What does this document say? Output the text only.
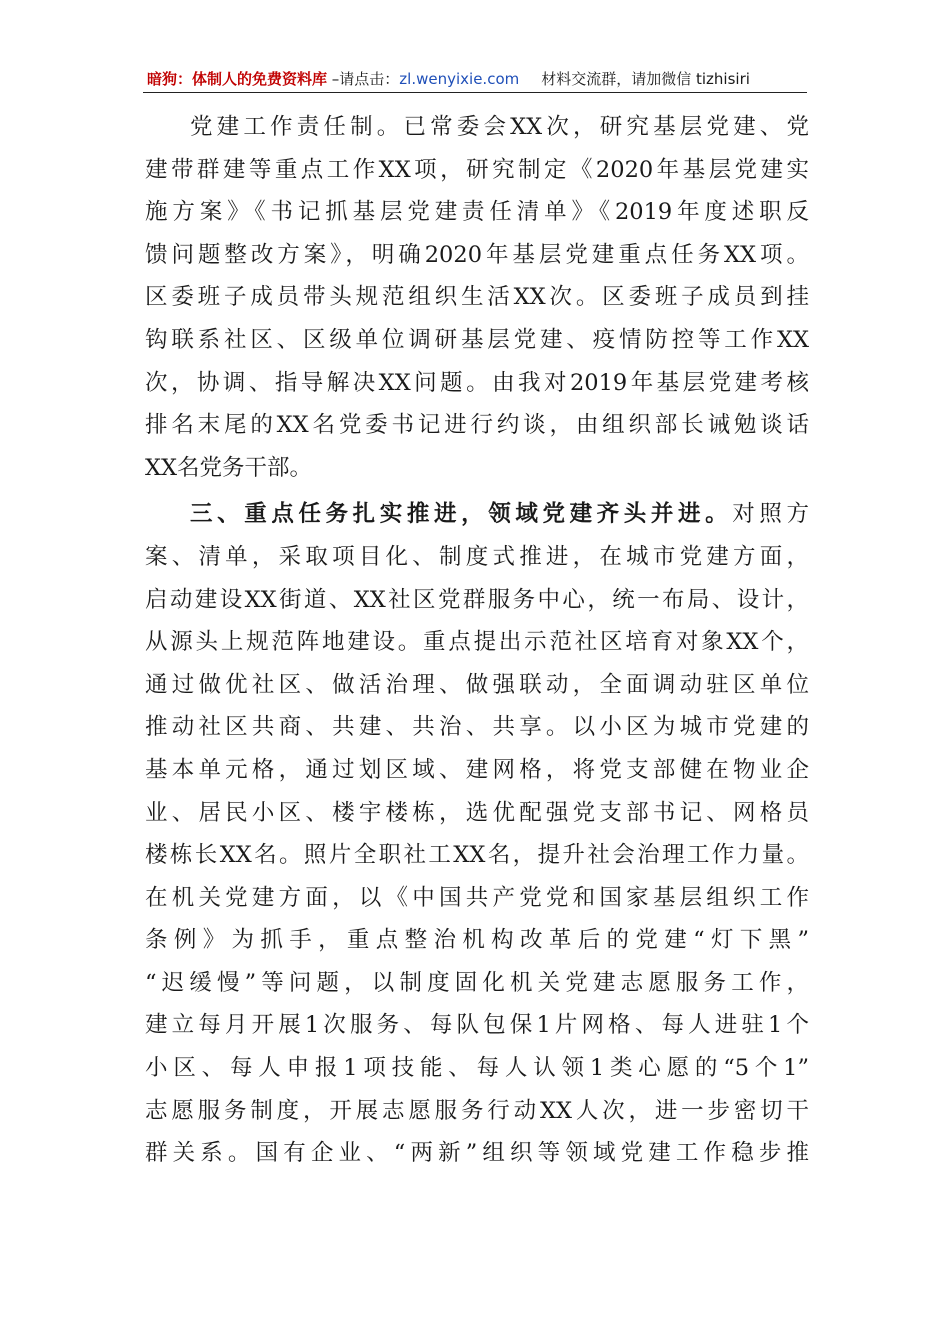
暗狗：体制人的免费资料库 –请点击：zl.wenyixie.com 材料交流群，请加微信 tizhisiri
党建工作责任制。已常委会XX次，研究基层党建、党
建带群建等重点工作XX项，研究制定《2020年基层党建实
施方案》《书记抓基层党建责任清单》《2019年度述职反
馈问题整改方案》，明确2020年基层党建重点任务XX项。
区委班子成员带头规范组织生活XX次。区委班子成员到挂
钩联系社区、区级单位调研基层党建、疫情防控等工作XX
次，协调、指导解决XX问题。由我对2019年基层党建考核
排名末尾的XX名党委书记进行约谈，由组织部长诫勉谈话
XX名党务干部。
三、重点任务扎实推进，领域党建齐头并进。对照方
案、清单，采取项目化、制度式推进，在城市党建方面，
启动建设XX街道、XX社区党群服务中心，统一布局、设计，
从源头上规范阵地建设。重点提出示范社区培育对象XX个，
通过做优社区、做活治理、做强联动，全面调动驻区单位
推动社区共商、共建、共治、共享。以小区为城市党建的
基本单元格，通过划区域、建网格，将党支部健在物业企
业、居民小区、楼宇楼栋，选优配强党支部书记、网格员
楼栋长XX名。照片全职社工XX名，提升社会治理工作力量。
在机关党建方面，以《中国共产党党和国家基层组织工作
条例》为抓手，重点整治机构改革后的党建“灯下黑”
“迟缓慢”等问题，以制度固化机关党建志愿服务工作，
建立每月开展1次服务、每队包保1片网格、每人进驻1个
小区、每人申报1项技能、每人认领1类心愿的“5个1”
志愿服务制度，开展志愿服务行动XX人次，进一步密切干
群关系。国有企业、“两新”组织等领域党建工作稳步推
